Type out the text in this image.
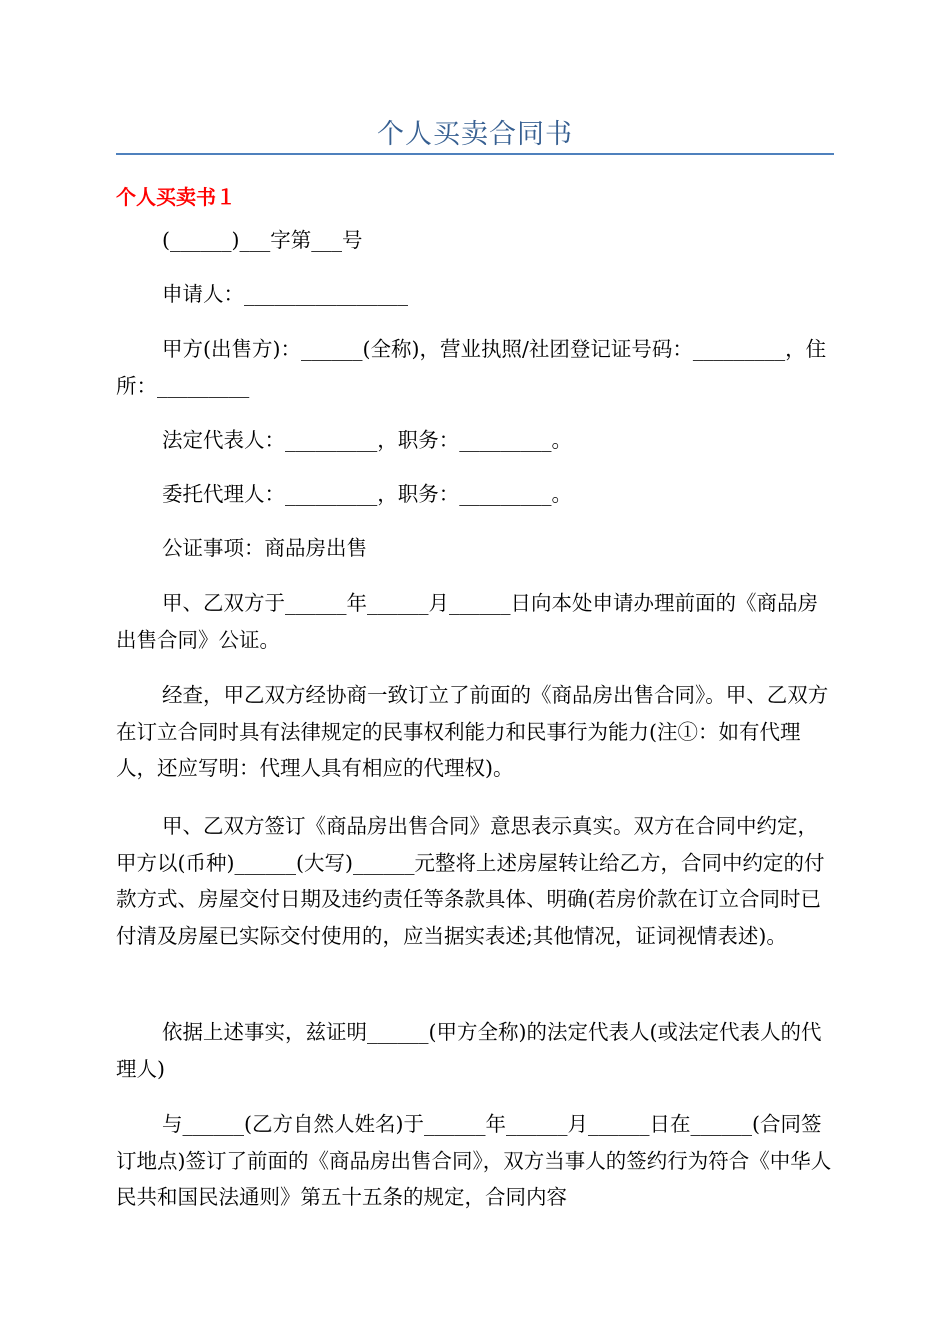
个人买卖合同书
个人买卖书１

(______)___字第___号

申请人：________________

甲方(出售方)：______(全称)，营业执照/社团登记证号码：_________，住所：_________

法定代表人：_________，职务：_________。

委托代理人：_________，职务：_________。

公证事项：商品房出售

甲、乙双方于______年______月______日向本处申请办理前面的《商品房出售合同》公证。

经查，甲乙双方经协商一致订立了前面的《商品房出售合同》。甲、乙双方在订立合同时具有法律规定的民事权利能力和民事行为能力(注①：如有代理人，还应写明：代理人具有相应的代理权)。

甲、乙双方签订《商品房出售合同》意思表示真实。双方在合同中约定，甲方以(币种)______(大写)______元整将上述房屋转让给乙方，合同中约定的付款方式、房屋交付日期及违约责任等条款具体、明确(若房价款在订立合同时已付清及房屋已实际交付使用的，应当据实表述;其他情况，证词视情表述)。

依据上述事实，兹证明______(甲方全称)的法定代表人(或法定代表人的代理人)

与______(乙方自然人姓名)于______年______月______日在______(合同签订地点)签订了前面的《商品房出售合同》，双方当事人的签约行为符合《中华人民共和国民法通则》第五十五条的规定，合同内容
